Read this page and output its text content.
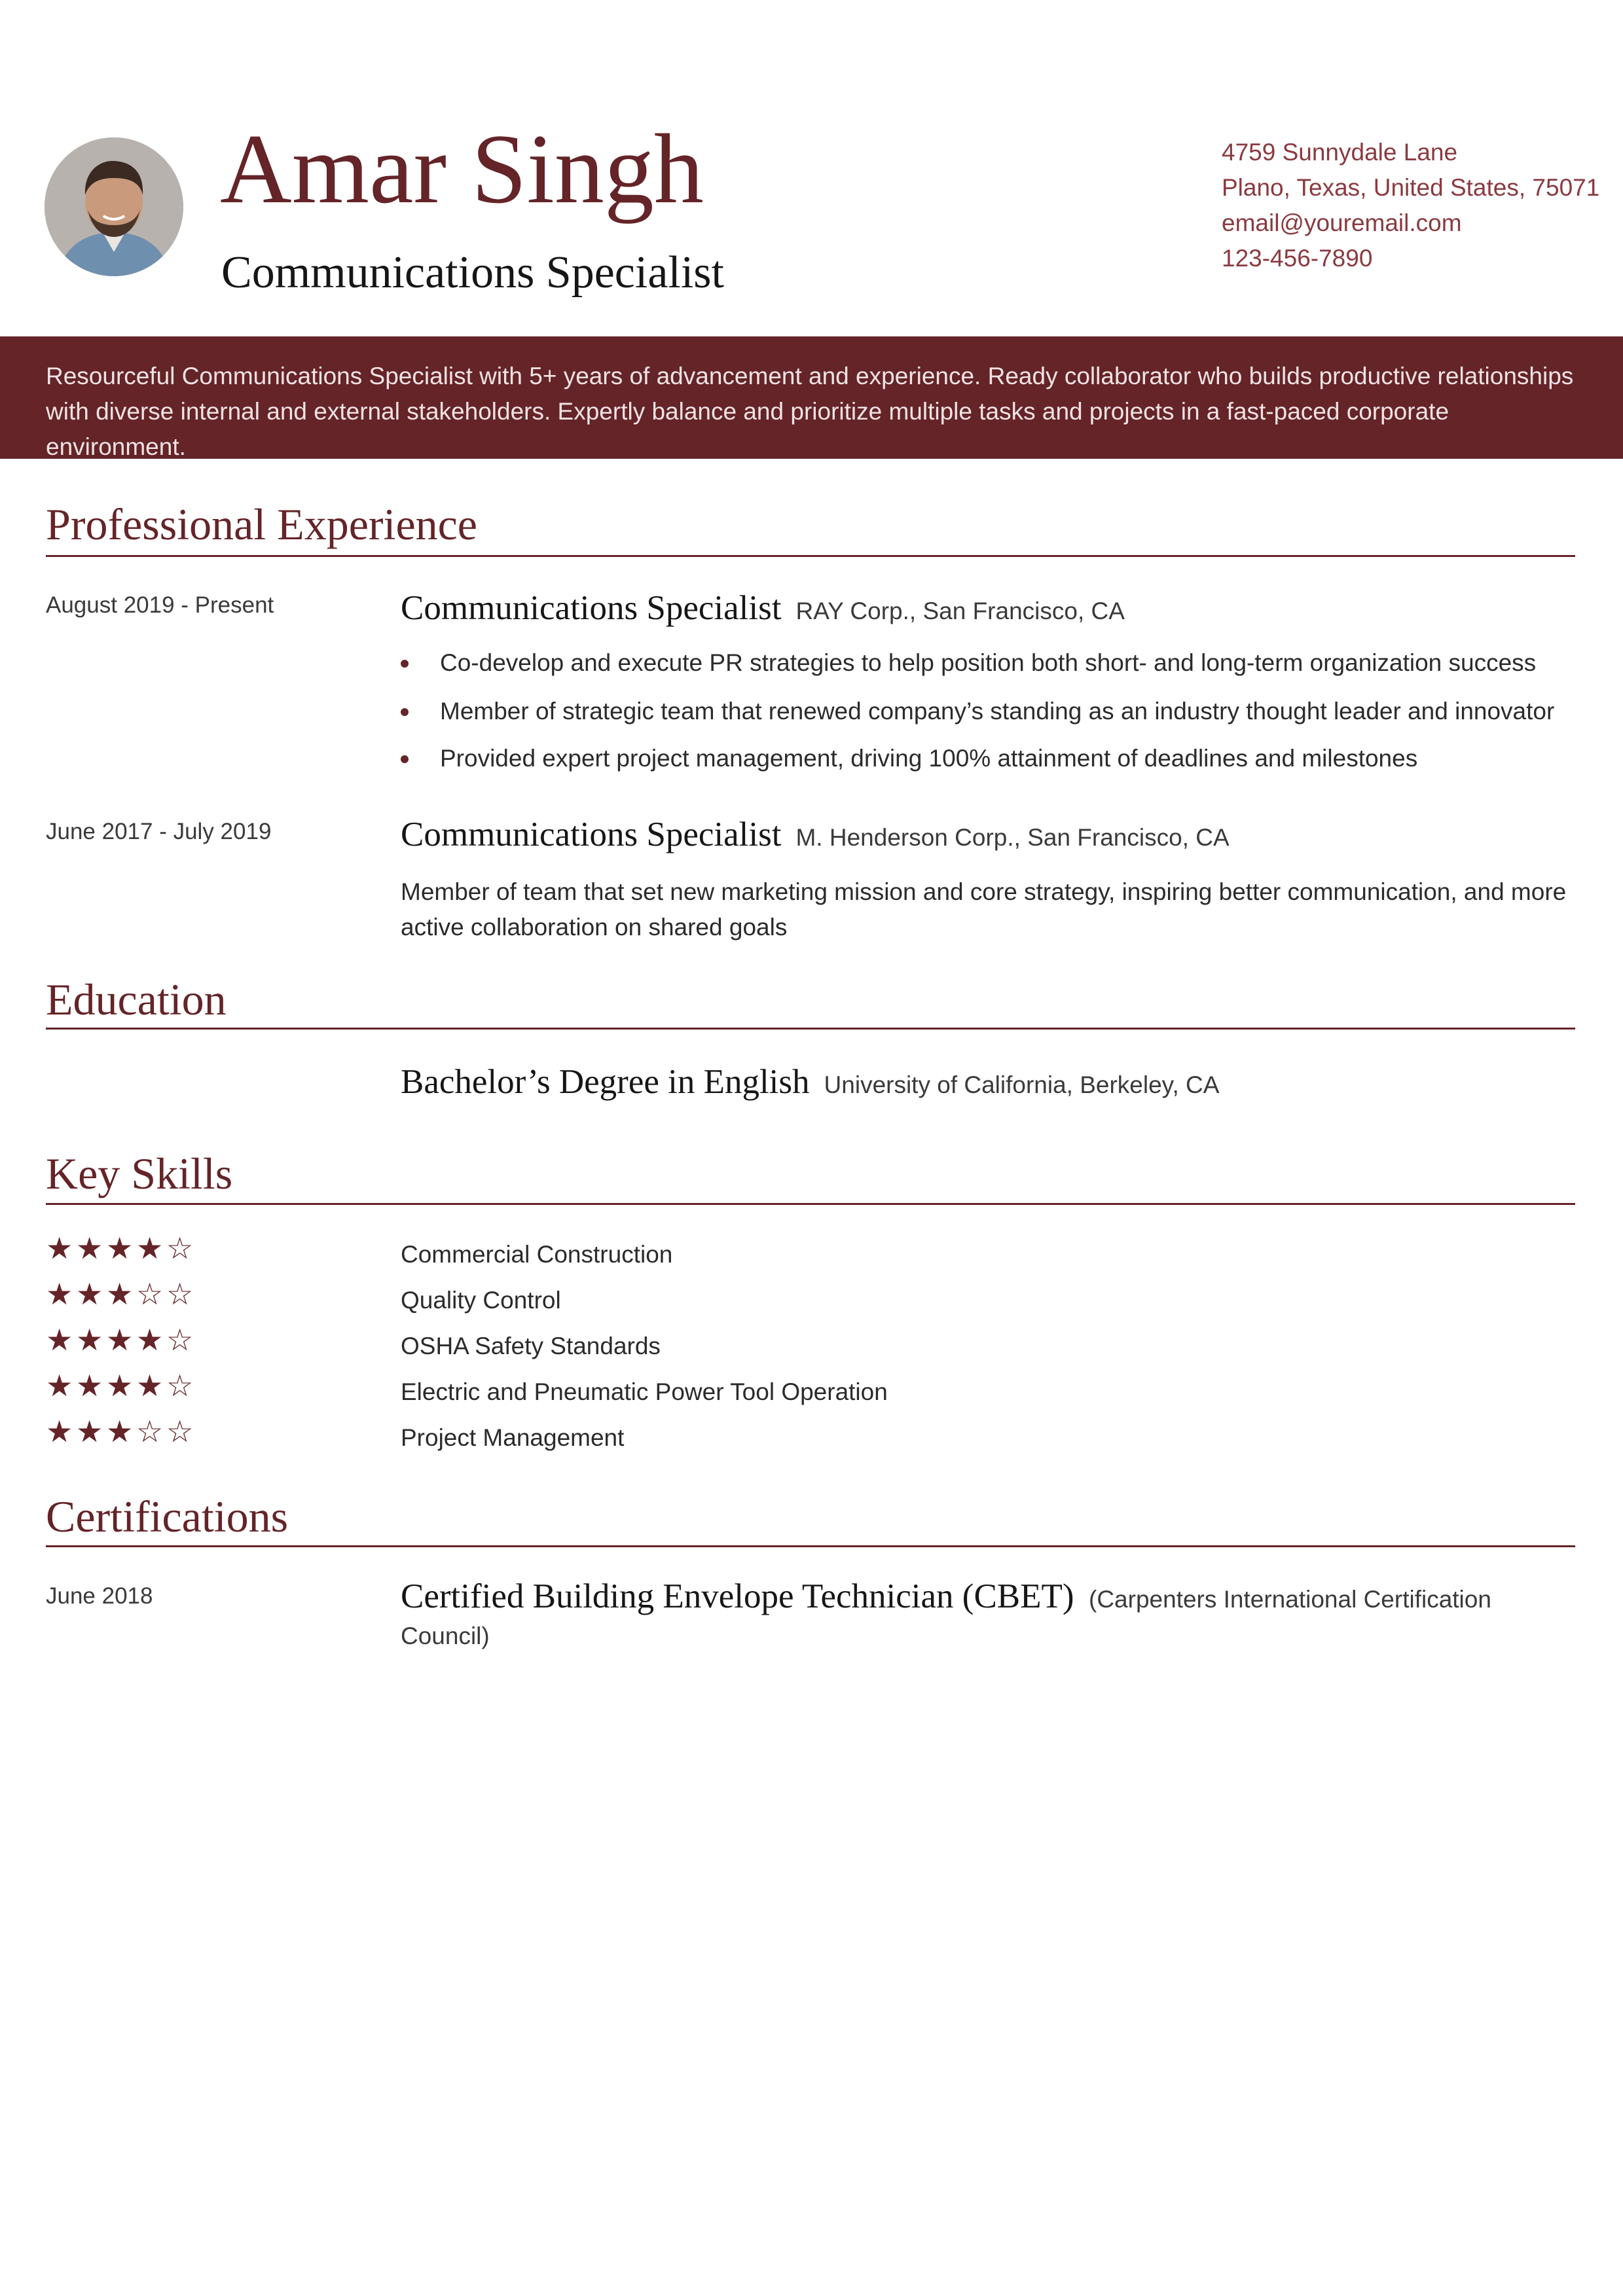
Amar Singh
Communications Specialist
4759 Sunnydale Lane
Plano, Texas, United States, 75071
email@youremail.com
123-456-7890

Resourceful Communications Specialist with 5+ years of advancement and experience. Ready collaborator who builds productive relationships with diverse internal and external stakeholders. Expertly balance and prioritize multiple tasks and projects in a fast-paced corporate environment.

Professional Experience
August 2019 - Present	Communications Specialist RAY Corp., San Francisco, CA
Co-develop and execute PR strategies to help position both short- and long-term organization success
Member of strategic team that renewed company’s standing as an industry thought leader and innovator
Provided expert project management, driving 100% attainment of deadlines and milestones
June 2017 - July 2019	Communications Specialist M. Henderson Corp., San Francisco, CA

Member of team that set new marketing mission and core strategy, inspiring better communication, and more active collaboration on shared goals

Education
Bachelor’s Degree in English University of California, Berkeley, CA
Key Skills
★ ★ ★ ★ ☆	Commercial Construction
★ ★ ★ ☆ ☆	Quality Control
★ ★ ★ ★ ☆	OSHA Safety Standards
★ ★ ★ ★ ☆	Electric and Pneumatic Power Tool Operation
★ ★ ★ ☆ ☆	Project Management
Certifications
June 2018	Certified Building Envelope Technician (CBET) (Carpenters International Certification Council)
